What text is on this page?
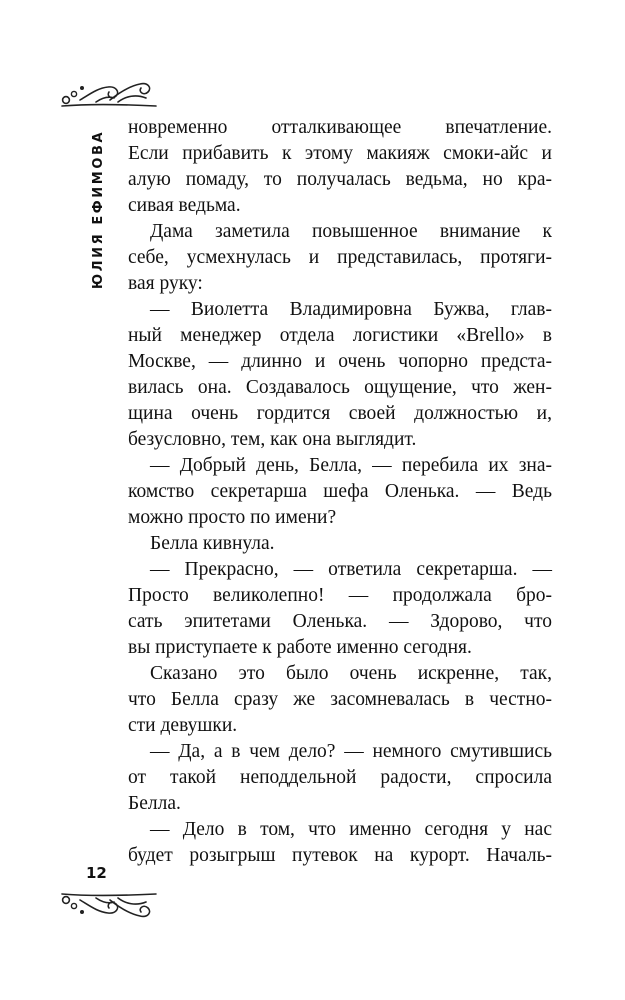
ЮЛИЯ ЕФИМОВА
новременно отталкивающее впечатление.
Если прибавить к этому макияж смоки-айс и
алую помаду, то получалась ведьма, но кра-
сивая ведьма.
Дама заметила повышенное внимание к
себе, усмехнулась и представилась, протяги-
вая руку:
— Виолетта Владимировна Бужва, глав-
ный менеджер отдела логистики «Brello» в
Москве, — длинно и очень чопорно предста-
вилась она. Создавалось ощущение, что жен-
щина очень гордится своей должностью и,
безусловно, тем, как она выглядит.
— Добрый день, Белла, — перебила их зна-
комство секретарша шефа Оленька. — Ведь
можно просто по имени?
Белла кивнула.
— Прекрасно, — ответила секретарша. —
Просто великолепно! — продолжала бро-
сать эпитетами Оленька. — Здорово, что
вы приступаете к работе именно сегодня.
Сказано это было очень искренне, так,
что Белла сразу же засомневалась в честно-
сти девушки.
— Да, а в чем дело? — немного смутившись
от такой неподдельной радости, спросила
Белла.
— Дело в том, что именно сегодня у нас
будет розыгрыш путевок на курорт. Началь-
12
